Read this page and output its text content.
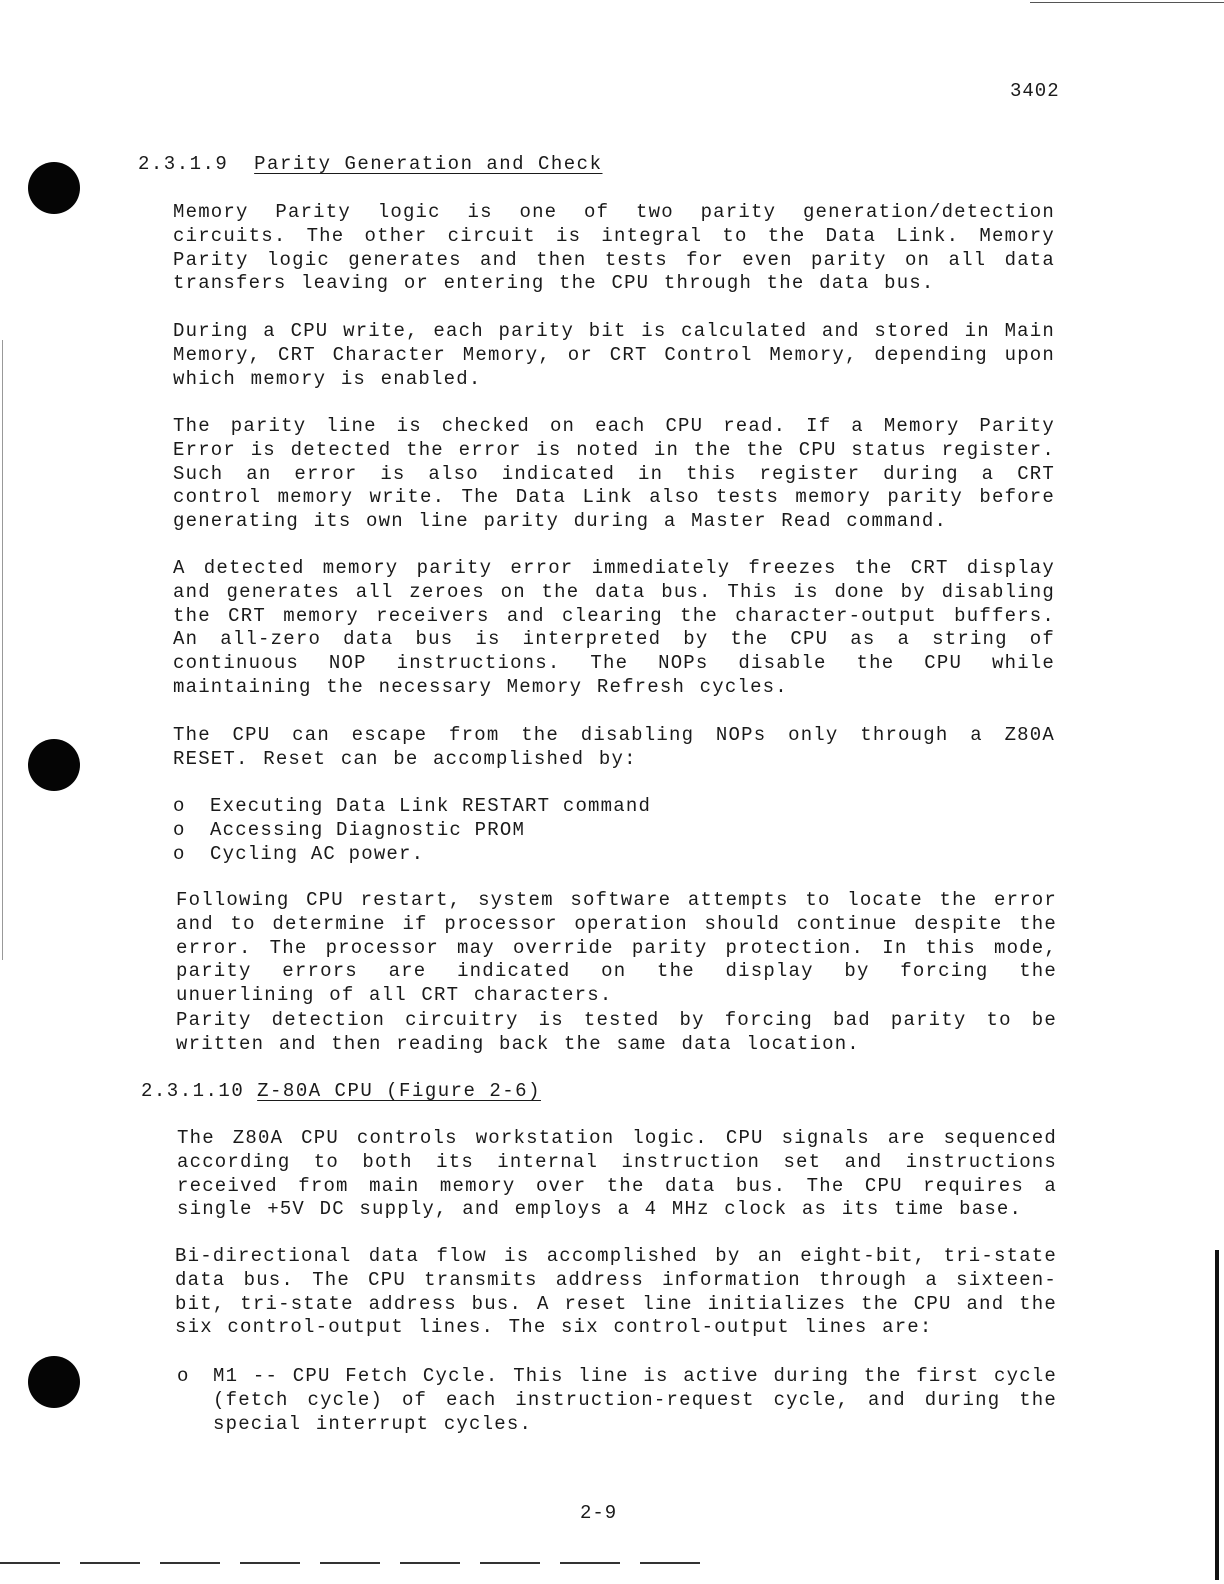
3402
2.3.1.9 Parity Generation and Check

Memory Parity logic is one of two parity generation/detection circuits. The other circuit is integral to the Data Link. Memory Parity logic generates and then tests for even parity on all data transfers leaving or entering the CPU through the data bus.

During a CPU write, each parity bit is calculated and stored in Main Memory, CRT Character Memory, or CRT Control Memory, depending upon which memory is enabled.

The parity line is checked on each CPU read. If a Memory Parity Error is detected the error is noted in the the CPU status register. Such an error is also indicated in this register during a CRT control memory write. The Data Link also tests memory parity before generating its own line parity during a Master Read command.

A detected memory parity error immediately freezes the CRT display and generates all zeroes on the data bus. This is done by disabling the CRT memory receivers and clearing the character-output buffers. An all-zero data bus is interpreted by the CPU as a string of continuous NOP instructions. The NOPs disable the CPU while maintaining the necessary Memory Refresh cycles.

The CPU can escape from the disabling NOPs only through a Z80A RESET. Reset can be accomplished by:

o	Executing Data Link RESTART command
o	Accessing Diagnostic PROM
o	Cycling AC power.

Following CPU restart, system software attempts to locate the error and to determine if processor operation should continue despite the error. The processor may override parity protection. In this mode, parity errors are indicated on the display by forcing the unuerlining of all CRT characters.

Parity detection circuitry is tested by forcing bad parity to be written and then reading back the same data location.

2.3.1.10 Z-80A CPU (Figure 2-6)

The Z80A CPU controls workstation logic. CPU signals are sequenced according to both its internal instruction set and instructions received from main memory over the data bus. The CPU requires a single +5V DC supply, and employs a 4 MHz clock as its time base.

Bi-directional data flow is accomplished by an eight-bit, tri-state data bus. The CPU transmits address information through a sixteen-bit, tri-state address bus. A reset line initializes the CPU and the six control-output lines. The six control-output lines are:

o	M1 -- CPU Fetch Cycle. This line is active during the first cycle (fetch cycle) of each instruction-request cycle, and during the special interrupt cycles.
2-9
